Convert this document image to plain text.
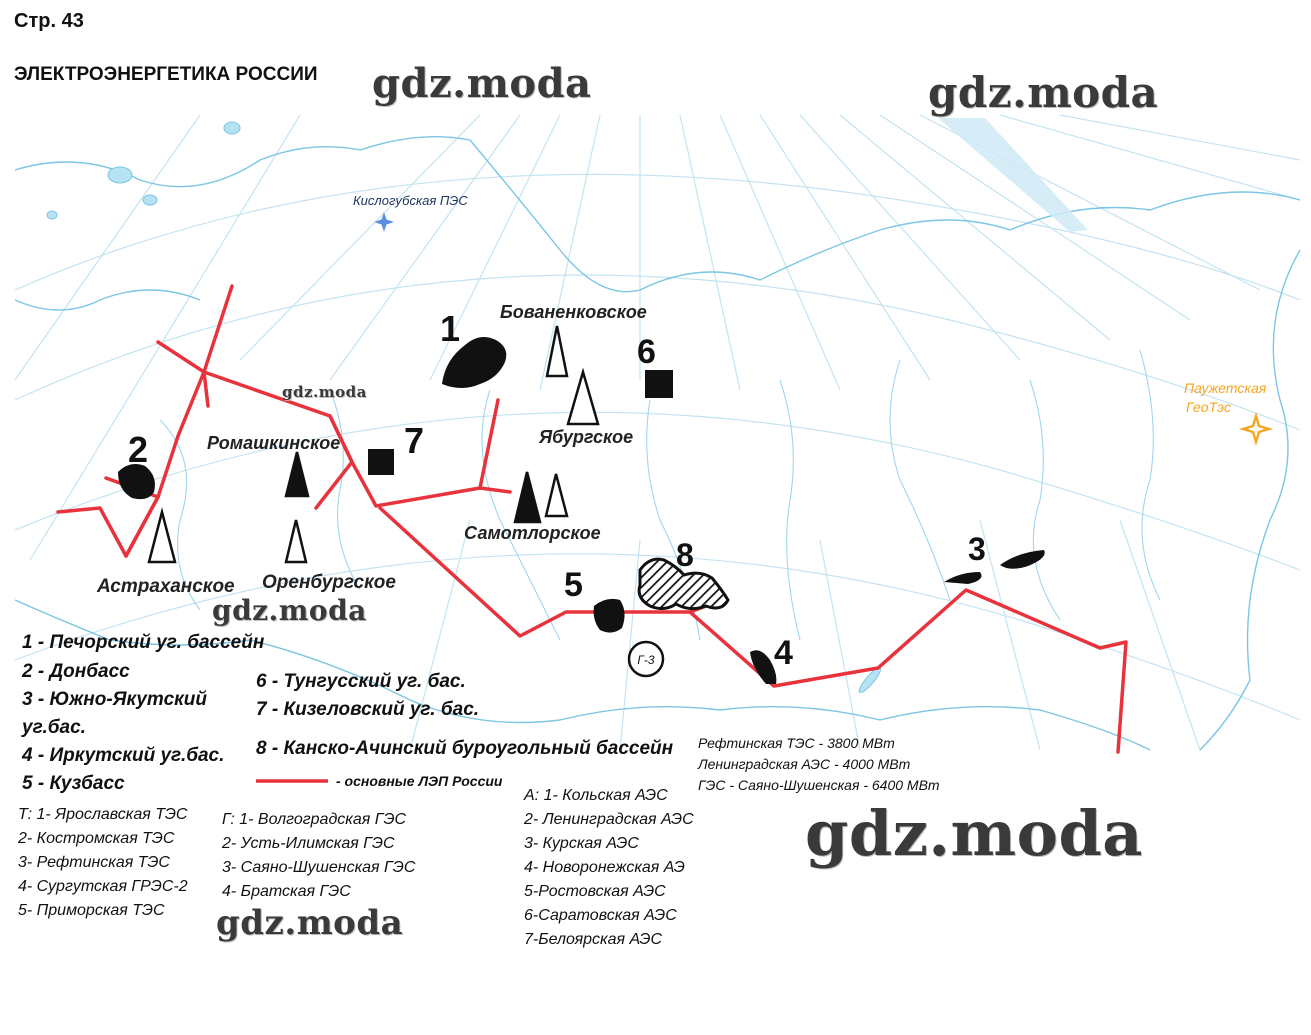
Стр. 43
ЭЛЕКТРОЭНЕРГЕТИКА РОССИИ
Г-3
Кислогубская ПЭС
Паужетская
ГеоТэс
Бованенковское
Ябургское
Ромашкинское
Самотлорское
Астраханское Оренбургское
1
2
3
4
5
6
7
8
gdz.moda	gdz.moda
gdz.moda
gdz.moda
gdz.moda
gdz.moda
1 - Печорский уг. бассейн
2 - Донбасс
3 - Южно-Якутский
уг.бас.
4 - Иркутский уг.бас.
5 - Кузбасс
6 - Тунгусский уг. бас.
7 - Кизеловский уг. бас.
8 - Канско-Ачинский буроугольный бассейн
- основные ЛЭП России
Рефтинская ТЭС - 3800 МВт
Ленинградская АЭС - 4000 МВт
ГЭС - Саяно-Шушенская - 6400 МВт
Т: 1- Ярославская ТЭС
2- Костромская ТЭС
3- Рефтинская ТЭС
4- Сургутская ГРЭС-2
5- Приморская ТЭС
Г: 1- Волгоградская ГЭС
2- Усть-Илимская ГЭС
3- Саяно-Шушенская ГЭС
4- Братская ГЭС
А: 1- Кольская АЭС
2- Ленинградская АЭС
3- Курская АЭС
4- Новоронежская АЭ
5-Ростовская АЭС
6-Саратовская АЭС
7-Белоярская АЭС
